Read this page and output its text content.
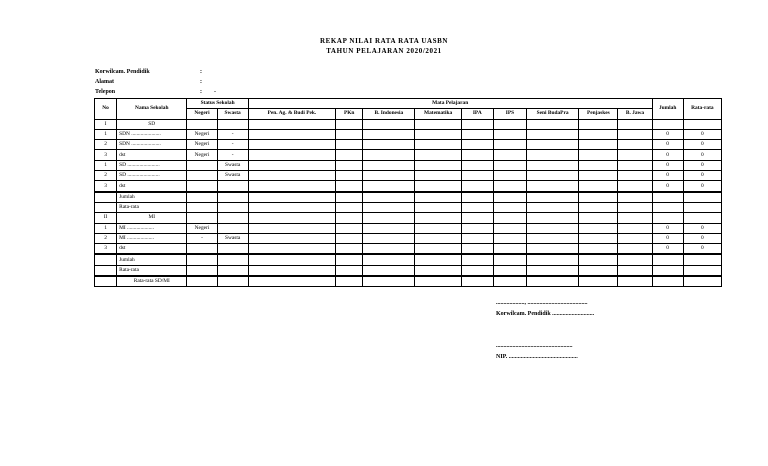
REKAP NILAI RATA RATA UASBN
TAHUN PELAJARAN 2020/2021
Korwilcam. Pendidik	:
Alamat	:
Telepon	: -
No	Nama Sekolah	Status Sekolah		Mata Pelajaran									Jumlah	Rata-rata
		Negeri	Swasta	Pen. Ag. & Budi Pek.	PKn	B. Indonesia	Matematika	IPA	IPS	Seni BudaPra	Penjaskes	B. Jawa		
I	SD													
1	SDN ......................	Negeri	-										0	0
2	SDN ......................	Negeri	-										0	0
3	dst	Negeri	-										0	0
1	SD ........................		Swasta										0	0
2	SD ........................		Swasta										0	0
3	dst												0	0
	Jumlah													
	Rata-rata													
II	MI													
1	MI ....................	Negeri											0	0
2	MI ....................	-	Swasta										0	0
3	dst												0	0
	Jumlah													
	Rata-rata													
	Rata-rata SD/MI													
..................., ........................................
Korwilcam. Pendidik ............................
...................................................
NIP. ..............................................
